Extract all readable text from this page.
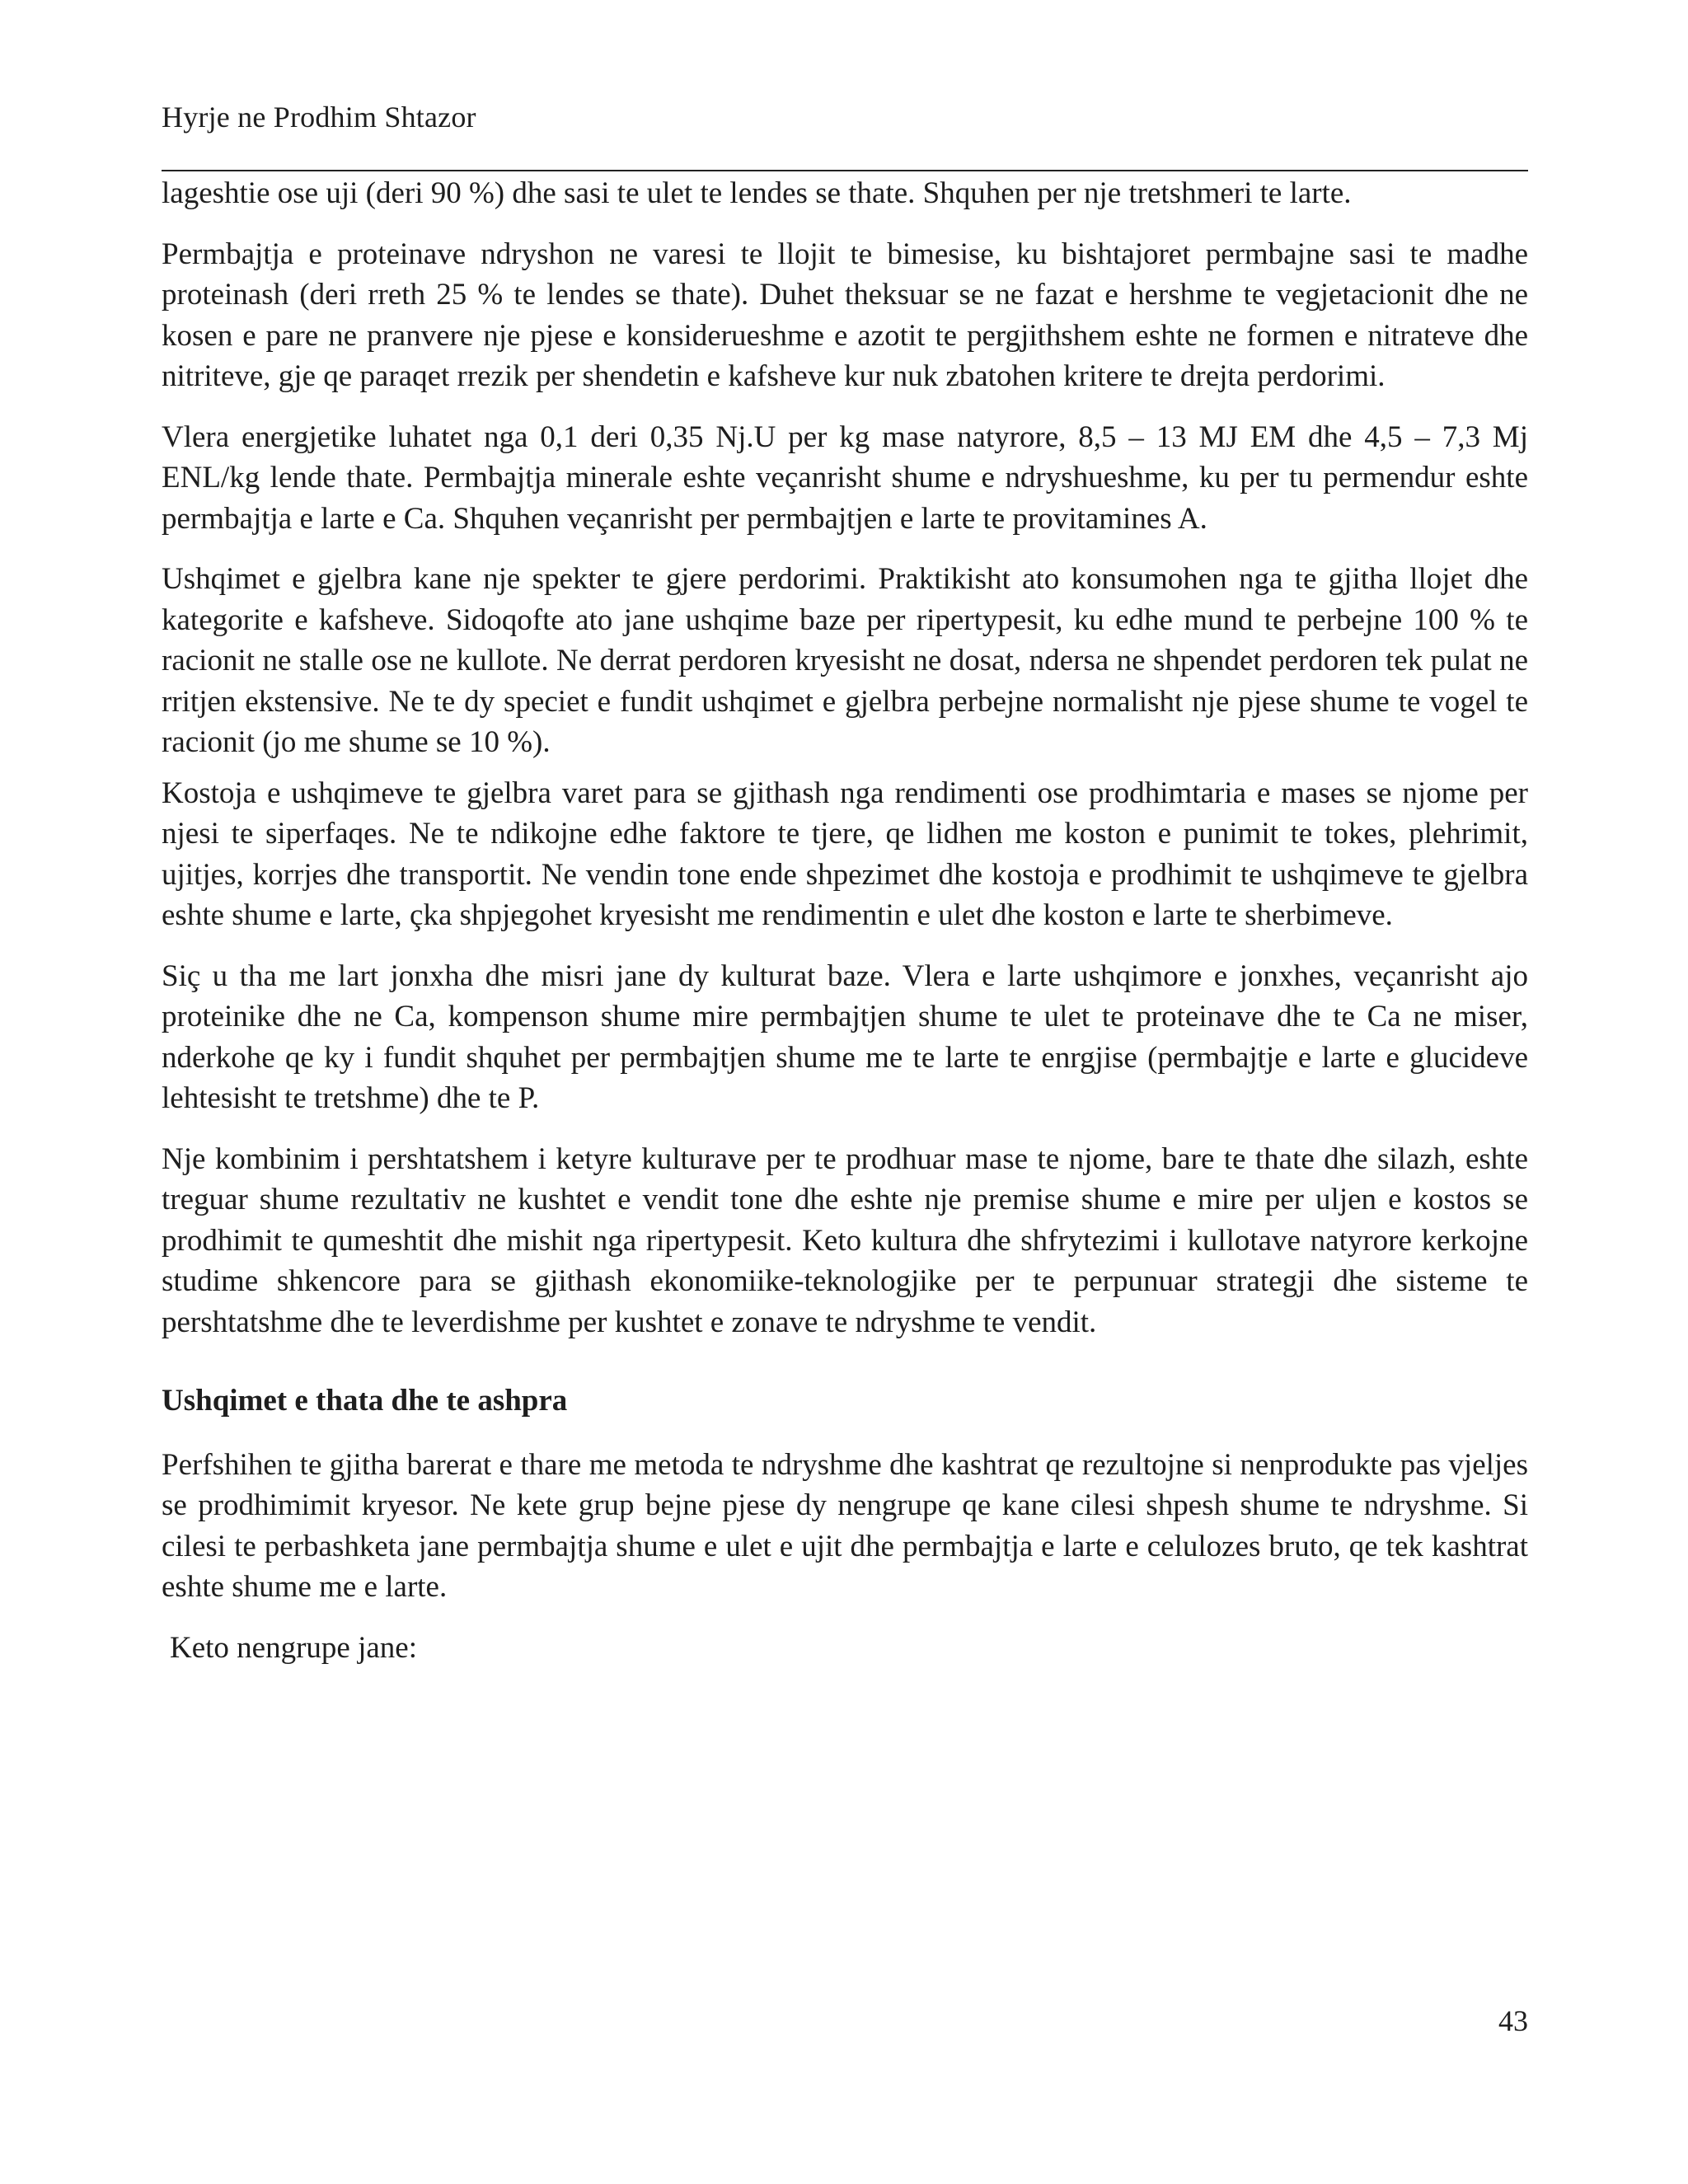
Hyrje ne Prodhim Shtazor

lageshtie ose uji (deri 90 %) dhe sasi te ulet te lendes se thate. Shquhen per nje tretshmeri te larte.

Permbajtja e proteinave ndryshon ne varesi te llojit te bimesise, ku bishtajoret permbajne sasi te madhe proteinash (deri rreth 25 % te lendes se thate). Duhet theksuar se ne fazat e hershme te vegjetacionit dhe ne kosen e pare ne pranvere nje pjese e konsiderueshme e azotit te pergjithshem eshte ne formen e nitrateve dhe nitriteve, gje qe paraqet rrezik per shendetin e kafsheve kur nuk zbatohen kritere te drejta perdorimi.

Vlera energjetike luhatet nga 0,1 deri 0,35 Nj.U per kg mase natyrore, 8,5 – 13 MJ EM dhe 4,5 – 7,3 Mj ENL/kg lende thate. Permbajtja minerale eshte veçanrisht shume e ndryshueshme, ku per tu permendur eshte permbajtja e larte e Ca. Shquhen veçanrisht per permbajtjen e larte te provitamines A.

Ushqimet e gjelbra kane nje spekter te gjere perdorimi. Praktikisht ato konsumohen nga te gjitha llojet dhe kategorite e kafsheve. Sidoqofte ato jane ushqime baze per ripertypesit, ku edhe mund te perbejne 100 % te racionit ne stalle ose ne kullote. Ne derrat perdoren kryesisht ne dosat, ndersa ne shpendet perdoren tek pulat ne rritjen ekstensive. Ne te dy speciet e fundit ushqimet e gjelbra perbejne normalisht nje pjese shume te vogel te racionit (jo me shume se 10 %).

Kostoja e ushqimeve te gjelbra varet para se gjithash nga rendimenti ose prodhimtaria e mases se njome per njesi te siperfaqes. Ne te ndikojne edhe faktore te tjere, qe lidhen me koston e punimit te tokes, plehrimit, ujitjes, korrjes dhe transportit. Ne vendin tone ende shpezimet dhe kostoja e prodhimit te ushqimeve te gjelbra eshte shume e larte, çka shpjegohet kryesisht me rendimentin e ulet dhe koston e larte te sherbimeve.

Siç u tha me lart jonxha dhe misri jane dy kulturat baze. Vlera e larte ushqimore e jonxhes, veçanrisht ajo proteinike dhe ne Ca, kompenson shume mire permbajtjen shume te ulet te proteinave dhe te Ca ne miser, nderkohe qe ky i fundit shquhet per permbajtjen shume me te larte te enrgjise (permbajtje e larte e glucideve lehtesisht te tretshme) dhe te P.

Nje kombinim i pershtatshem i ketyre kulturave per te prodhuar mase te njome, bare te thate dhe silazh, eshte treguar shume rezultativ ne kushtet e vendit tone dhe eshte nje premise shume e mire per uljen e kostos se prodhimit te qumeshtit dhe mishit nga ripertypesit. Keto kultura dhe shfrytezimi i kullotave natyrore kerkojne studime shkencore para se gjithash ekonomiike-teknologjike per te perpunuar strategji dhe sisteme te pershtatshme dhe te leverdishme per kushtet e zonave te ndryshme te vendit.

Ushqimet e thata dhe te ashpra

Perfshihen te gjitha barerat e thare me metoda te ndryshme dhe kashtrat qe rezultojne si nenprodukte pas vjeljes se prodhimimit kryesor. Ne kete grup bejne pjese dy nengrupe qe kane cilesi shpesh shume te ndryshme. Si cilesi te perbashketa jane permbajtja shume e ulet e ujit dhe permbajtja e larte e celulozes bruto, qe tek kashtrat eshte shume me e larte.

Keto nengrupe jane:

43
